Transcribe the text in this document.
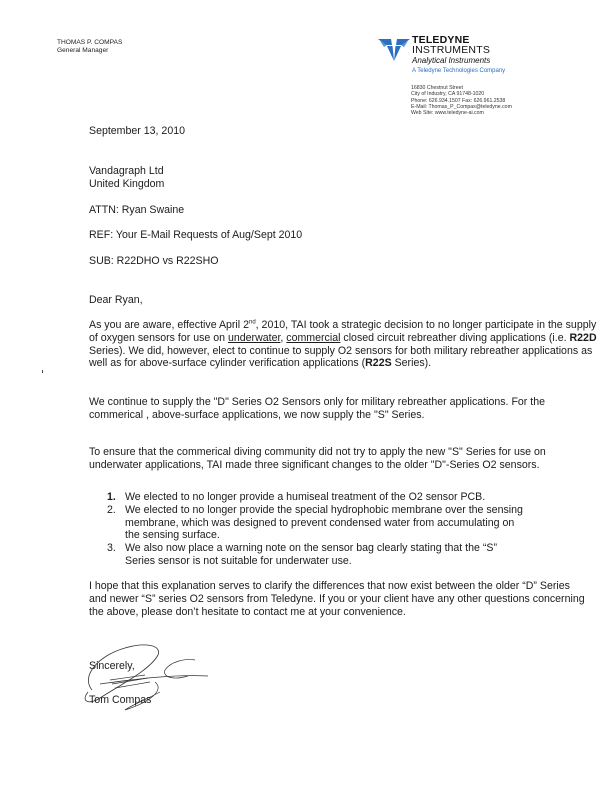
THOMAS P. COMPAS
General Manager
TELEDYNE
INSTRUMENTS
Analytical Instruments
A Teledyne Technologies Company
16830 Chestnut Street
City of Industry, CA 91748-1020
Phone: 626.934.1507 Fax: 626.961.2538
E-Mail: Thomas_P_Compas@teledyne.com
Web Site: www.teledyne-ai.com
September 13, 2010
Vandagraph Ltd
United Kingdom
ATTN: Ryan Swaine
REF: Your E-Mail Requests of Aug/Sept 2010
SUB: R22DHO vs R22SHO
Dear Ryan,
As you are aware, effective April 2nd, 2010, TAI took a strategic decision to no longer participate in the supply of oxygen sensors for use on underwater, commercial closed circuit rebreather diving applications (i.e. R22D Series). We did, however, elect to continue to supply O2 sensors for both military rebreather applications as well as for above-surface cylinder verification applications (R22S Series).
We continue to supply the "D" Series O2 Sensors only for military rebreather applications. For the commerical , above-surface applications, we now supply the "S" Series.
To ensure that the commerical diving community did not try to apply the new "S" Series for use on underwater applications, TAI made three significant changes to the older "D"-Series O2 sensors.
1. We elected to no longer provide a humiseal treatment of the O2 sensor PCB.
2. We elected to no longer provide the special hydrophobic membrane over the sensing membrane, which was designed to prevent condensed water from accumulating on the sensing surface.
3. We also now place a warning note on the sensor bag clearly stating that the “S” Series sensor is not suitable for underwater use.
I hope that this explanation serves to clarify the differences that now exist between the older “D” Series and newer “S” series O2 sensors from Teledyne. If you or your client have any other questions concerning the above, please don’t hesitate to contact me at your convenience.
Sincerely,
Tom Compas
